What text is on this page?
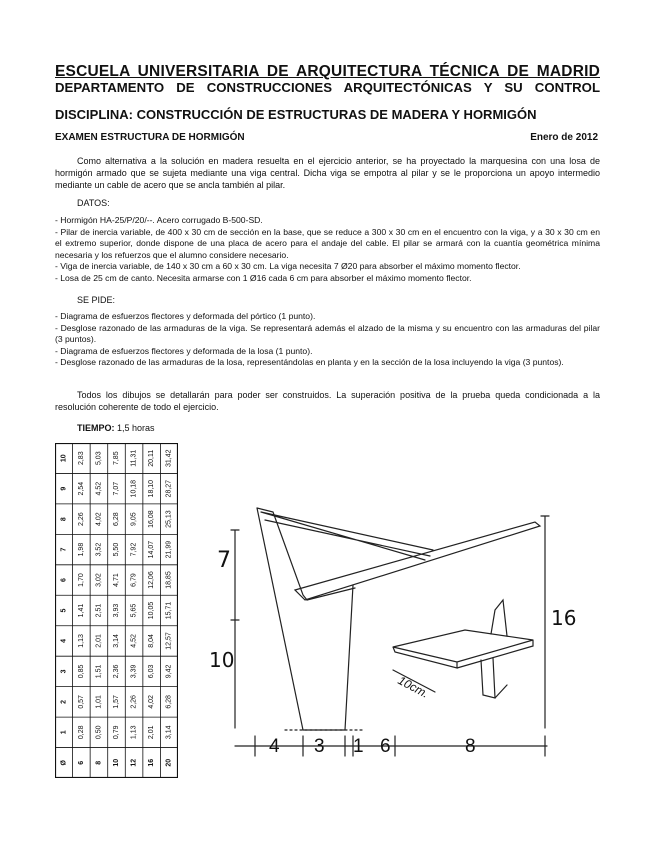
ESCUELA UNIVERSITARIA DE ARQUITECTURA TÉCNICA DE MADRID
DEPARTAMENTO DE CONSTRUCCIONES ARQUITECTÓNICAS Y SU CONTROL
DISCIPLINA: CONSTRUCCIÓN DE ESTRUCTURAS DE MADERA Y HORMIGÓN
EXAMEN ESTRUCTURA DE HORMIGÓN	Enero de 2012
Como alternativa a la solución en madera resuelta en el ejercicio anterior, se ha proyectado la marquesina con una losa de hormigón armado que se sujeta mediante una viga central. Dicha viga se empotra al pilar y se le proporciona un apoyo intermedio mediante un cable de acero que se ancla también al pilar.
DATOS:
- Hormigón HA-25/P/20/--. Acero corrugado B-500-SD.
- Pilar de inercia variable, de 400 x 30 cm de sección en la base, que se reduce a 300 x 30 cm en el encuentro con la viga, y a 30 x 30 cm en el extremo superior, donde dispone de una placa de acero para el andaje del cable. El pilar se armará con la cuantía geométrica mínima necesaria y los refuerzos que el alumno considere necesario.
- Viga de inercia variable, de 140 x 30 cm a 60 x 30 cm. La viga necesita 7 Ø20 para absorber el máximo momento flector.
- Losa de 25 cm de canto. Necesita armarse con 1 Ø16 cada 6 cm para absorber el máximo momento flector.
SE PIDE:
- Diagrama de esfuerzos flectores y deformada del pórtico (1 punto).
- Desglose razonado de las armaduras de la viga. Se representará además el alzado de la misma y su encuentro con las armaduras del pilar (3 puntos).
- Diagrama de esfuerzos flectores y deformada de la losa (1 punto).
- Desglose razonado de las armaduras de la losa, representándolas en planta y en la sección de la losa incluyendo la viga (3 puntos).
Todos los dibujos se detallarán para poder ser construidos. La superación positiva de la prueba queda condicionada a la resolución coherente de todo el ejercicio.
TIEMPO: 1,5 horas
Ø
1
2
3
4
5
6
7
8
9
10
6
0,28
0,57
0,85
1,13
1,41
1,70
1,98
2,26
2,54
2,83
8
0,50
1,01
1,51
2,01
2,51
3,02
3,52
4,02
4,52
5,03
10
0,79
1,57
2,36
3,14
3,93
4,71
5,50
6,28
7,07
7,85
12
1,13
2,26
3,39
4,52
5,65
6,79
7,92
9,05
10,18
11,31
16
2,01
4,02
6,03
8,04
10,05
12,06
14,07
16,08
18,10
20,11
20
3,14
6,28
9,42
12,57
15,71
18,85
21,99
25,13
28,27
31,42
7
10
16
10cm.
4 3 1 6	8
